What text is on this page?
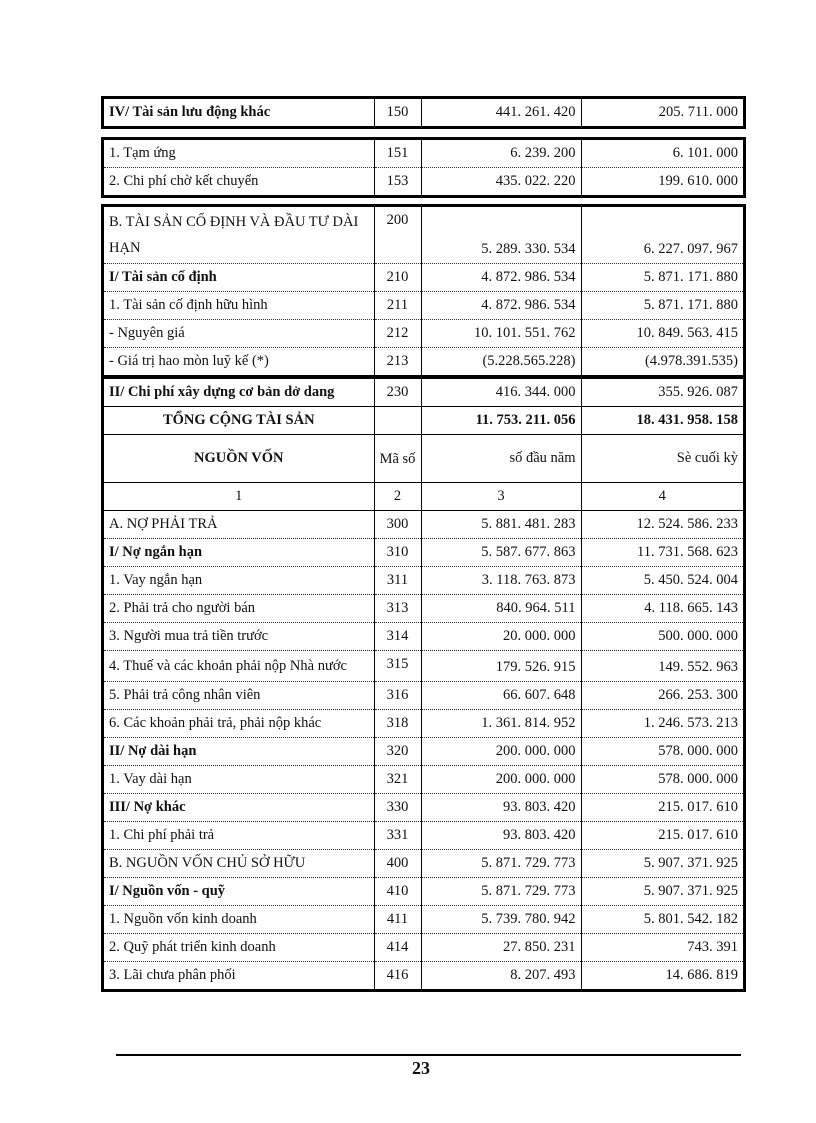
IV/ Tài sản lưu động khác	150	441. 261. 420	205. 711. 000
1. Tạm ứng	151	6. 239. 200	6. 101. 000
2. Chi phí chờ kết chuyển	153	435. 022. 220	199. 610. 000
B. TÀI SẢN CỐ ĐỊNH VÀ ĐẦU TƯ DÀI HẠN	200	5. 289. 330. 534	6. 227. 097. 967
I/ Tài sản cố định	210	4. 872. 986. 534	5. 871. 171. 880
1. Tài sản cố định hữu hình	211	4. 872. 986. 534	5. 871. 171. 880
- Nguyên giá	212	10. 101. 551. 762	10. 849. 563. 415
- Giá trị hao mòn luỹ kế (*)	213	(5.228.565.228)	(4.978.391.535)
II/ Chi phí xây dựng cơ bản dở dang	230	416. 344. 000	355. 926. 087
TỔNG CỘNG TÀI SẢN		11. 753. 211. 056	18. 431. 958. 158
NGUỒN VỐN	Mã số	số đầu năm	Sè cuối kỳ
1	2	3	4
A. NỢ PHẢI TRẢ	300	5. 881. 481. 283	12. 524. 586. 233
I/ Nợ ngắn hạn	310	5. 587. 677. 863	11. 731. 568. 623
1. Vay ngắn hạn	311	3. 118. 763. 873	5. 450. 524. 004
2. Phải trả cho người bán	313	840. 964. 511	4. 118. 665. 143
3. Người mua trả tiền trước	314	20. 000. 000	500. 000. 000
4. Thuế và các khoản phải nộp Nhà nước	315	179. 526. 915	149. 552. 963
5. Phải trả công nhân viên	316	66. 607. 648	266. 253. 300
6. Các khoản phải trả, phải nộp khác	318	1. 361. 814. 952	1. 246. 573. 213
II/ Nợ dài hạn	320	200. 000. 000	578. 000. 000
1. Vay dài hạn	321	200. 000. 000	578. 000. 000
III/ Nợ khác	330	93. 803. 420	215. 017. 610
1. Chi phí phải trả	331	93. 803. 420	215. 017. 610
B. NGUỒN VỐN CHỦ SỞ HỮU	400	5. 871. 729. 773	5. 907. 371. 925
I/ Nguồn vốn - quỹ	410	5. 871. 729. 773	5. 907. 371. 925
1. Nguồn vốn kinh doanh	411	5. 739. 780. 942	5. 801. 542. 182
2. Quỹ phát triển kinh doanh	414	27. 850. 231	743. 391
3. Lãi chưa phân phối	416	8. 207. 493	14. 686. 819
23
